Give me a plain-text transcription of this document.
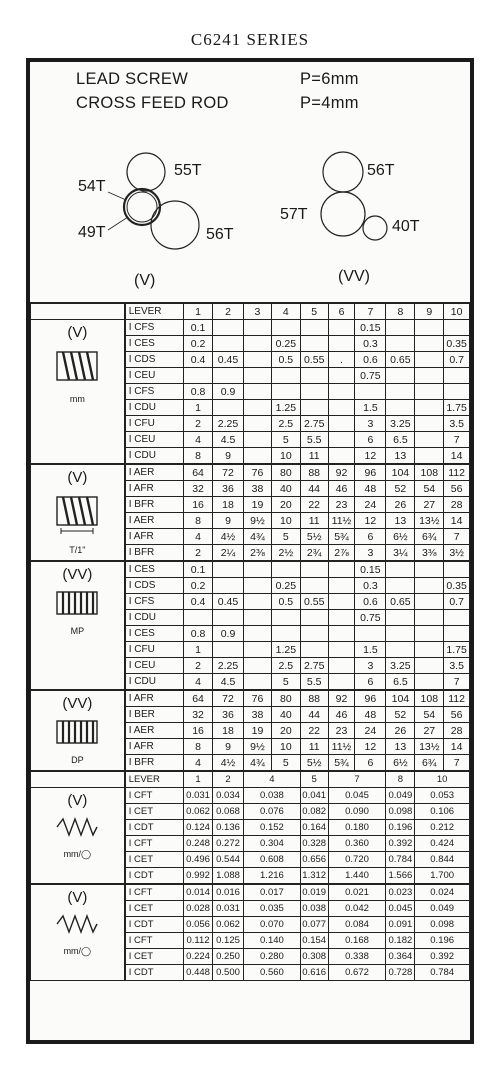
C6241 SERIES
LEAD SCREW	P=6mm
CROSS FEED ROD	P=4mm
55T
54T
49T	56T
56T
57T
40T
(V)	(VV)
	LEVER	1	2	3	4	5	6	7	8	9	10

(V)
mm	I CFS	0.1						0.15			
	I CES	0.2			0.25			0.3			0.35
	I CDS	0.4	0.45		0.5	0.55	.	0.6	0.65		0.7
	I CEU							0.75			
	I CFS	0.8	0.9								
	I CDU	1			1.25			1.5			1.75
	I CFU	2	2.25		2.5	2.75		3	3.25		3.5
	I CEU	4	4.5		5	5.5		6	6.5		7
	I CDU	8	9		10	11		12	13		14

(V)
T/1"	I AER	64	72	76	80	88	92	96	104	108	112
	I AFR	32	36	38	40	44	46	48	52	54	56
	I BFR	16	18	19	20	22	23	24	26	27	28
	I AER	8	9	9½	10	11	11½	12	13	13½	14
	I AFR	4	4½	4¾	5	5½	5¾	6	6½	6¾	7
	I BFR	2	2¼	2⅜	2½	2¾	2⅞	3	3¼	3⅜	3½

(VV)
MP	I CES	0.1						0.15			
	I CDS	0.2			0.25			0.3			0.35
	I CFS	0.4	0.45		0.5	0.55		0.6	0.65		0.7
	I CDU							0.75			
	I CES	0.8	0.9								
	I CFU	1			1.25			1.5			1.75
	I CEU	2	2.25		2.5	2.75		3	3.25		3.5
	I CDU	4	4.5		5	5.5		6	6.5		7

(VV)
DP	I AFR	64	72	76	80	88	92	96	104	108	112
	I BER	32	36	38	40	44	46	48	52	54	56
	I AER	16	18	19	20	22	23	24	26	27	28
	I AFR	8	9	9½	10	11	11½	12	13	13½	14
	I BFR	4	4½	4¾	5	5½	5¾	6	6½	6¾	7
	LEVER	1	2	4		5	7		8	10	

(V)
mm/◯	I CFT	0.031	0.034	0.038		0.041	0.045		0.049	0.053	
	I CET	0.062	0.068	0.076		0.082	0.090		0.098	0.106	
	I CDT	0.124	0.136	0.152		0.164	0.180		0.196	0.212	
	I CFT	0.248	0.272	0.304		0.328	0.360		0.392	0.424	
	I CET	0.496	0.544	0.608		0.656	0.720		0.784	0.844	
	I CDT	0.992	1.088	1.216		1.312	1.440		1.566	1.700	

(V)
mm/◯	I CFT	0.014	0.016	0.017		0.019	0.021		0.023	0.024	
	I CET	0.028	0.031	0.035		0.038	0.042		0.045	0.049	
	I CDT	0.056	0.062	0.070		0.077	0.084		0.091	0.098	
	I CFT	0.112	0.125	0.140		0.154	0.168		0.182	0.196	
	I CET	0.224	0.250	0.280		0.308	0.338		0.364	0.392	
	I CDT	0.448	0.500	0.560		0.616	0.672		0.728	0.784	
